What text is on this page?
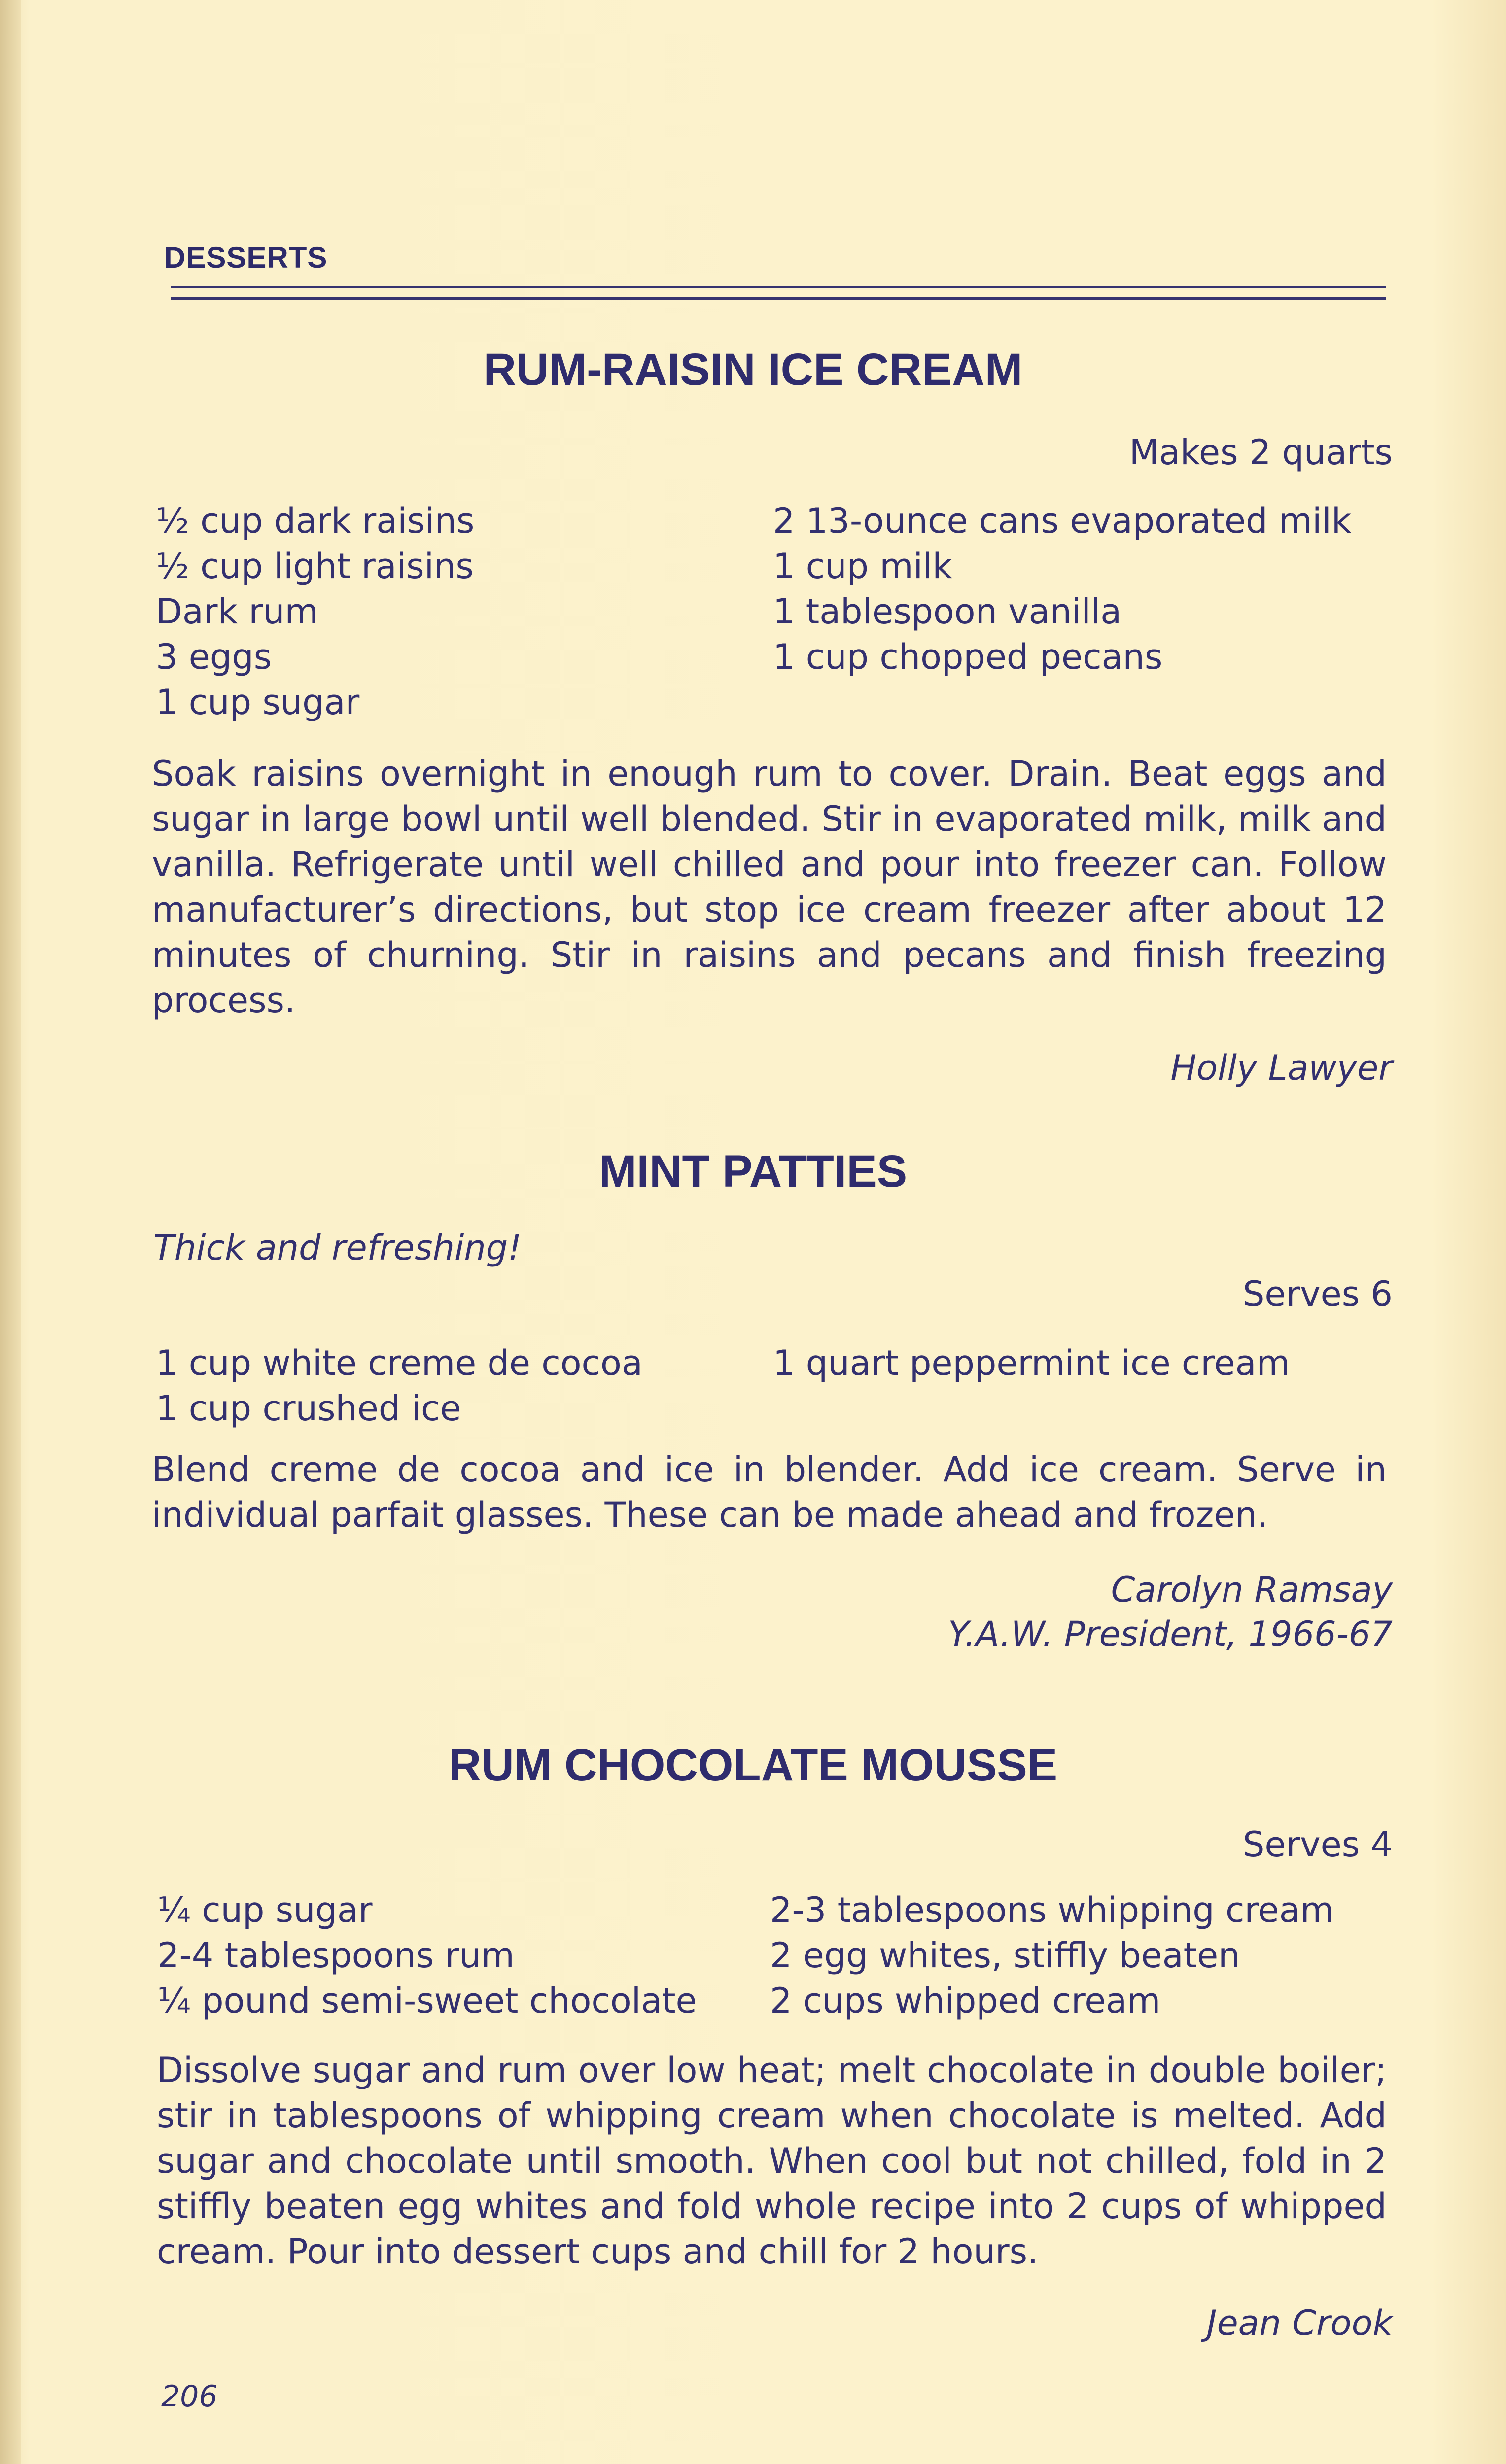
DESSERTS
RUM-RAISIN ICE CREAM
Makes 2 quarts
½ cup dark raisins
½ cup light raisins
Dark rum
3 eggs
1 cup sugar
2 13-ounce cans evaporated milk
1 cup milk
1 tablespoon vanilla
1 cup chopped pecans

Soak raisins overnight in enough rum to cover. Drain. Beat eggs and sugar in large bowl until well blended. Stir in evaporated milk, milk and vanilla. Refrigerate until well chilled and pour into freezer can. Follow manufacturer’s directions, but stop ice cream freezer after about 12 minutes of churning. Stir in raisins and pecans and finish freezing process.

Holly Lawyer
MINT PATTIES
Thick and refreshing!
Serves 6
1 cup white creme de cocoa
1 cup crushed ice
1 quart peppermint ice cream

Blend creme de cocoa and ice in blender. Add ice cream. Serve in individual parfait glasses. These can be made ahead and frozen.

Carolyn Ramsay
Y.A.W. President, 1966-67
RUM CHOCOLATE MOUSSE
Serves 4
¼ cup sugar
2-4 tablespoons rum
¼ pound semi-sweet chocolate
2-3 tablespoons whipping cream
2 egg whites, stiffly beaten
2 cups whipped cream

Dissolve sugar and rum over low heat; melt chocolate in double boiler; stir in tablespoons of whipping cream when chocolate is melted. Add sugar and chocolate until smooth. When cool but not chilled, fold in 2 stiffly beaten egg whites and fold whole recipe into 2 cups of whipped cream. Pour into dessert cups and chill for 2 hours.

Jean Crook
206
